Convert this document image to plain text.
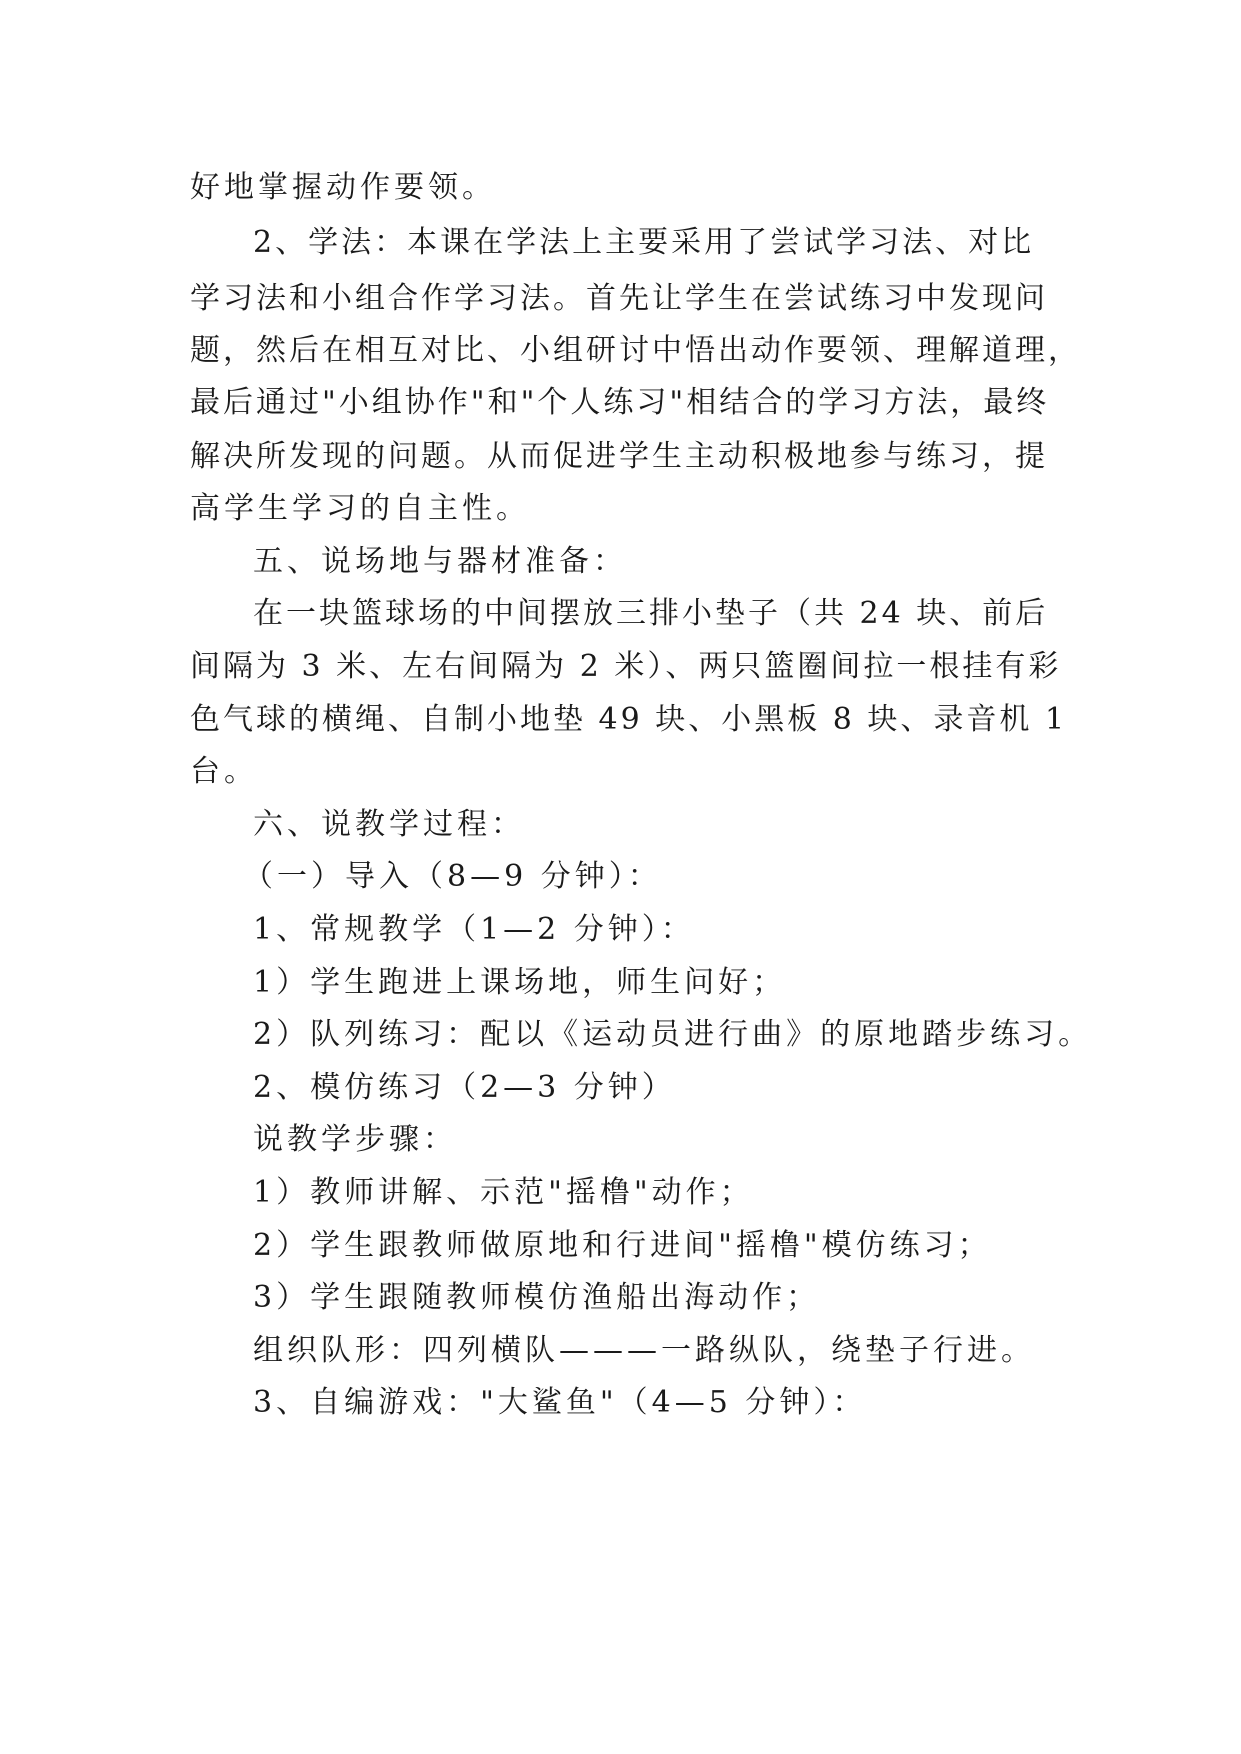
好地掌握动作要领。
2、学法：本课在学法上主要采用了尝试学习法、对比
学习法和小组合作学习法。首先让学生在尝试练习中发现问
题，然后在相互对比、小组研讨中悟出动作要领、理解道理，
最后通过"小组协作"和"个人练习"相结合的学习方法，最终
解决所发现的问题。从而促进学生主动积极地参与练习，提
高学生学习的自主性。
五、说场地与器材准备：
在一块篮球场的中间摆放三排小垫子（共 24 块、前后
间隔为 3 米、左右间隔为 2 米）、两只篮圈间拉一根挂有彩
色气球的横绳、自制小地垫 49 块、小黑板 8 块、录音机 1
台。
六、说教学过程：
（一）导入（8—9 分钟）：
1、常规教学（1—2 分钟）：
1）学生跑进上课场地，师生问好；
2）队列练习：配以《运动员进行曲》的原地踏步练习。
2、模仿练习（2—3 分钟）
说教学步骤：
1）教师讲解、示范"摇橹"动作；
2）学生跟教师做原地和行进间"摇橹"模仿练习；
3）学生跟随教师模仿渔船出海动作；
组织队形：四列横队———一路纵队，绕垫子行进。
3、自编游戏："大鲨鱼"（4—5 分钟）：
